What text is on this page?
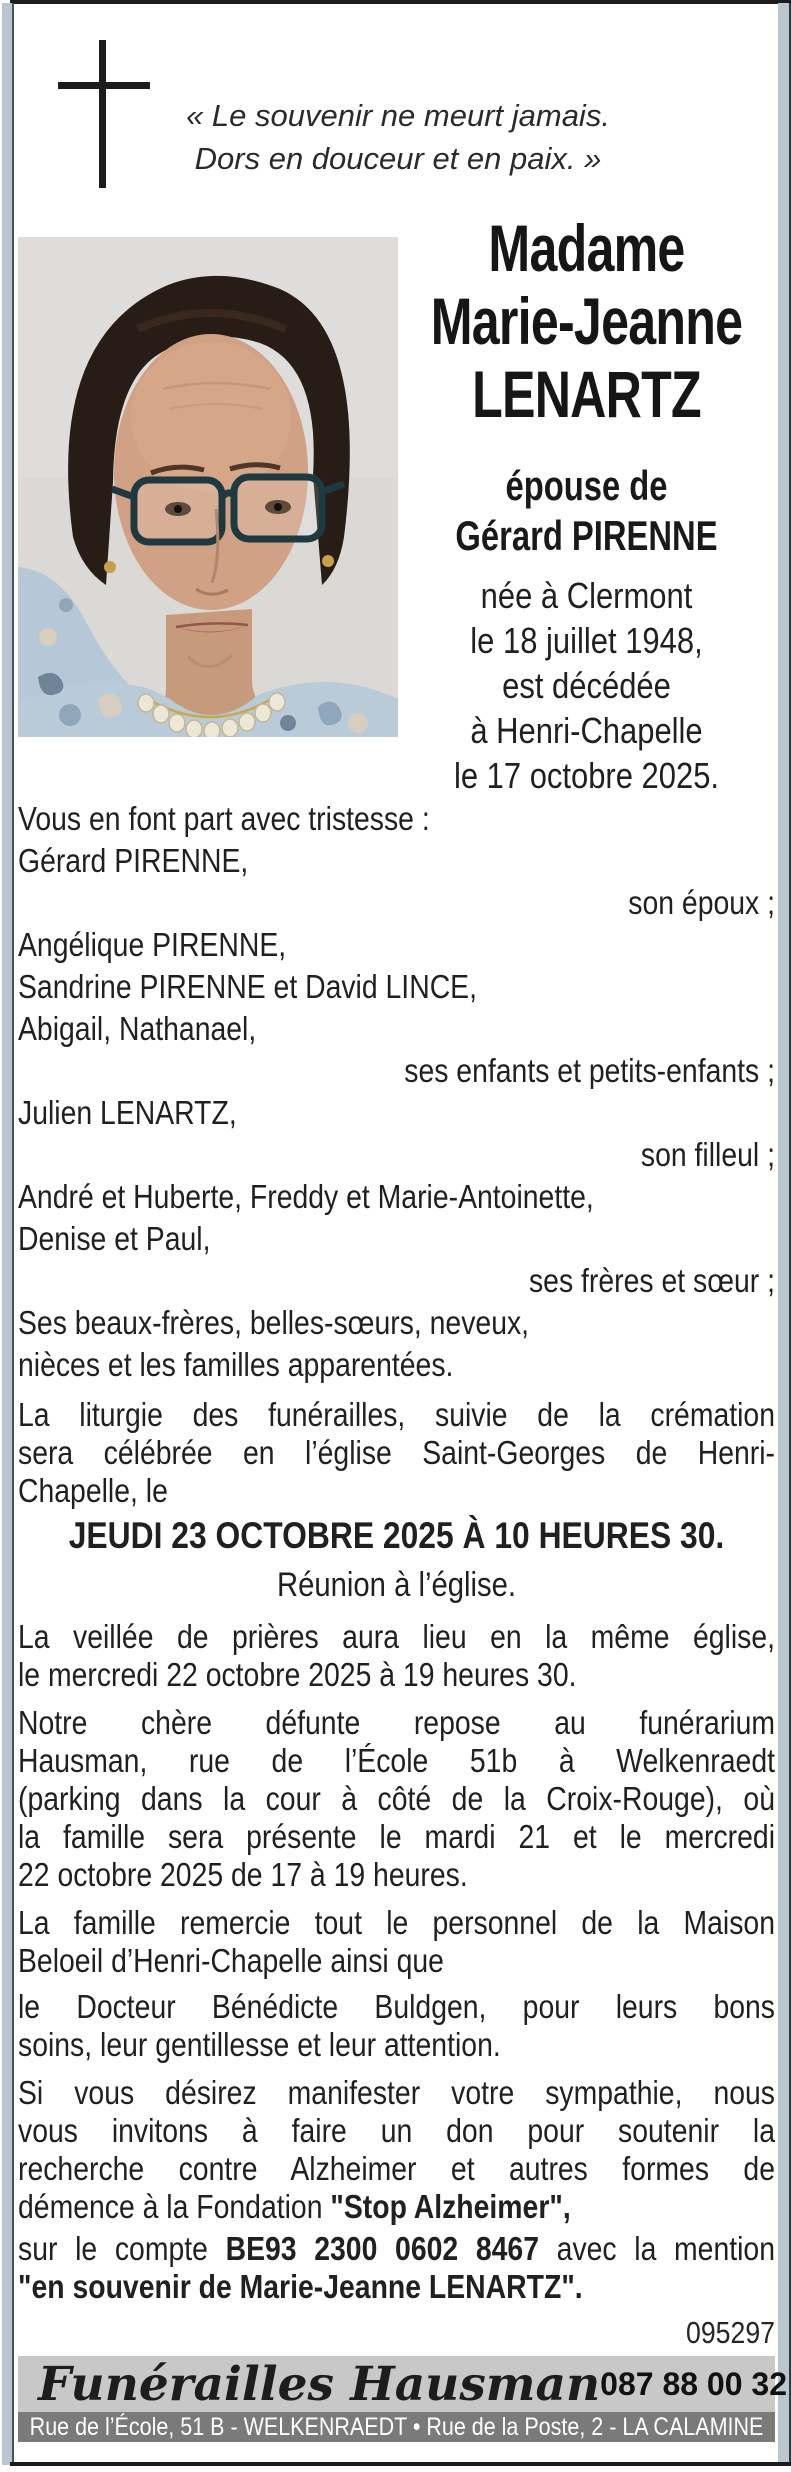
« Le souvenir ne meurt jamais.
Dors en douceur et en paix. »
Madame
Marie-Jeanne
LENARTZ
épouse de
Gérard PIRENNE
née à Clermont
le 18 juillet 1948,
est décédée
à Henri-Chapelle
le 17 octobre 2025.
Vous en font part avec tristesse :
Gérard PIRENNE,
son époux ;
Angélique PIRENNE,
Sandrine PIRENNE et David LINCE,
Abigail, Nathanael,
ses enfants et petits-enfants ;
Julien LENARTZ,
son filleul ;
André et Huberte, Freddy et Marie-Antoinette,
Denise et Paul,
ses frères et sœur ;
Ses beaux-frères, belles-sœurs, neveux,
nièces et les familles apparentées.
La liturgie des funérailles, suivie de la crémation
sera célébrée en l’église Saint-Georges de Henri-
Chapelle, le
JEUDI 23 OCTOBRE 2025 À 10 HEURES 30.
Réunion à l’église.
La veillée de prières aura lieu en la même église,
le mercredi 22 octobre 2025 à 19 heures 30.
Notre chère défunte repose au funérarium
Hausman, rue de l’École 51b à Welkenraedt
(parking dans la cour à côté de la Croix-Rouge), où
la famille sera présente le mardi 21 et le mercredi
22 octobre 2025 de 17 à 19 heures.
La famille remercie tout le personnel de la Maison
Beloeil d’Henri-Chapelle ainsi que
le Docteur Bénédicte Buldgen, pour leurs bons
soins, leur gentillesse et leur attention.
Si vous désirez manifester votre sympathie, nous
vous invitons à faire un don pour soutenir la
recherche contre Alzheimer et autres formes de
démence à la Fondation "Stop Alzheimer",
sur le compte BE93 2300 0602 8467 avec la mention
"en souvenir de Marie-Jeanne LENARTZ".
095297
Funérailles Hausman 087 88 00 32
Rue de l’École, 51 B - WELKENRAEDT • Rue de la Poste, 2 - LA CALAMINE
